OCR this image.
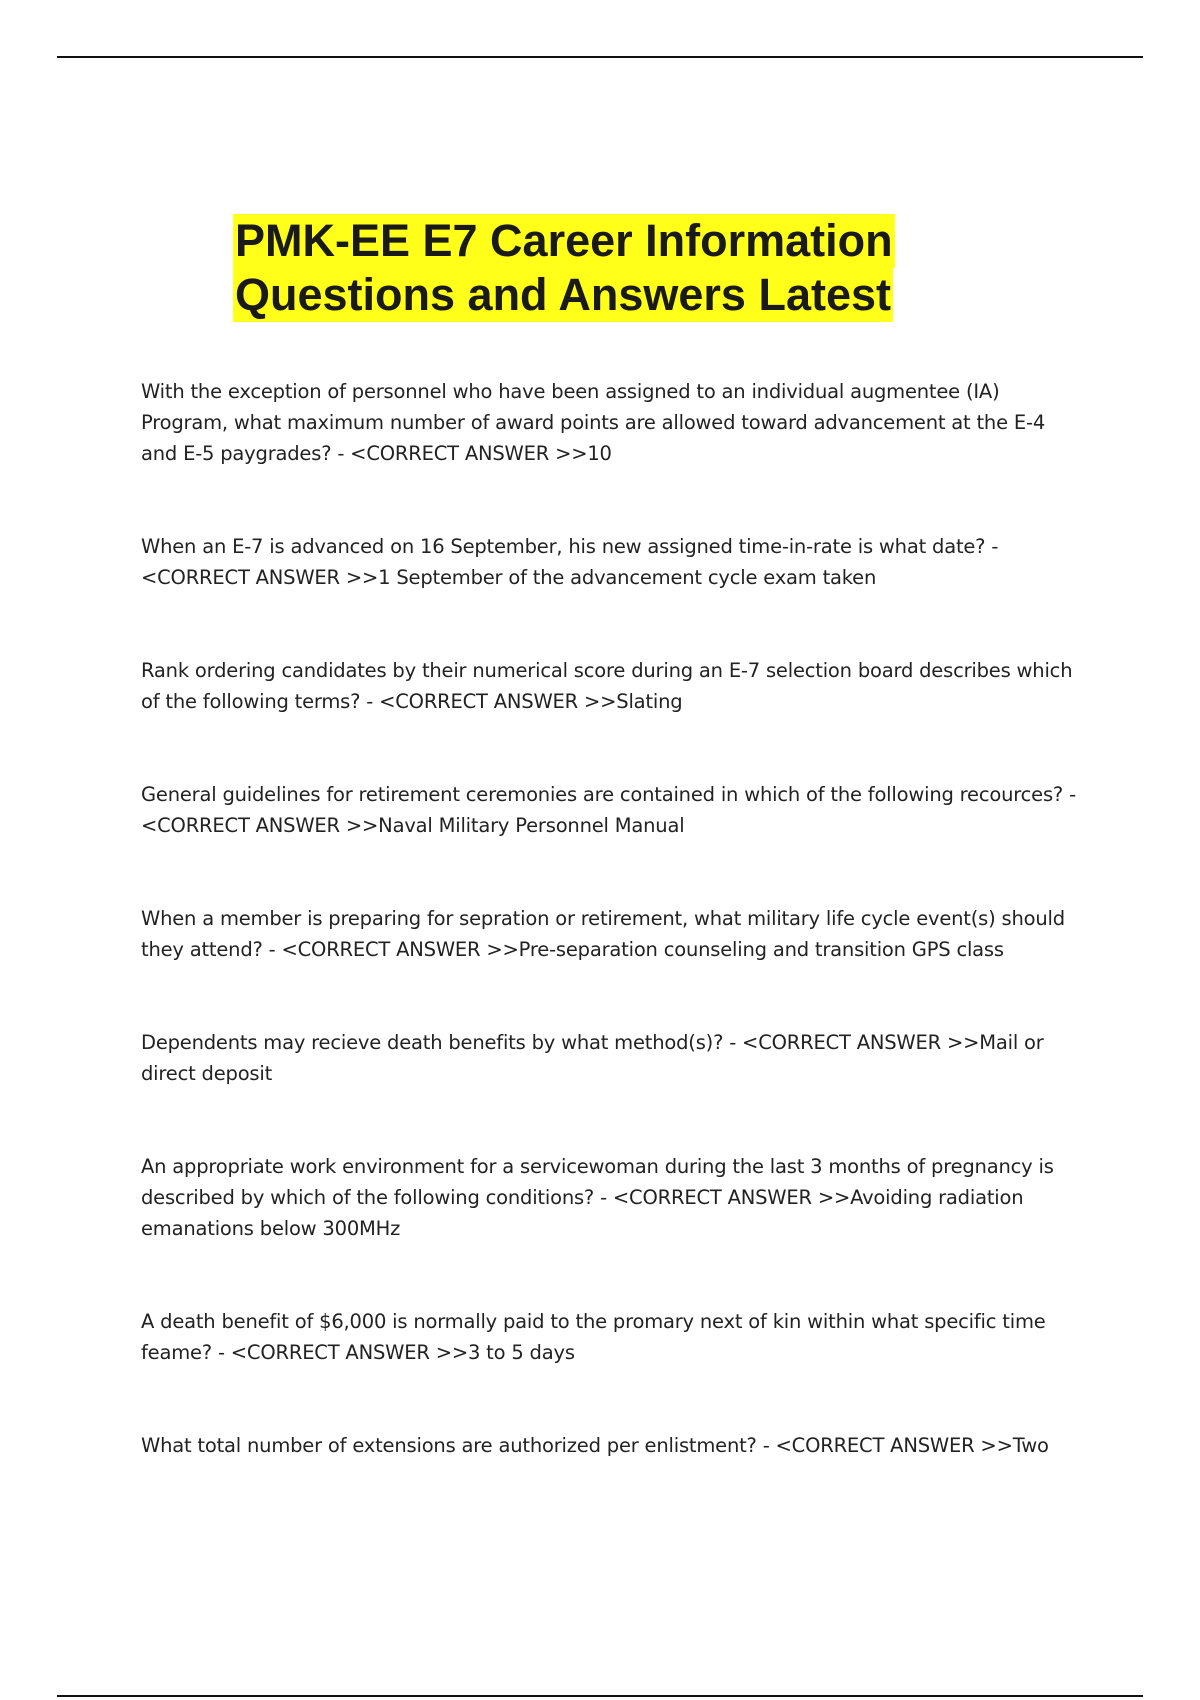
PMK-EE E7 Career Information
Questions and Answers Latest

With the exception of personnel who have been assigned to an individual augmentee (IA) Program, what maximum number of award points are allowed toward advancement at the E-4 and E-5 paygrades? - <CORRECT ANSWER >>10

When an E-7 is advanced on 16 September, his new assigned time-in-rate is what date? - <CORRECT ANSWER >>1 September of the advancement cycle exam taken

Rank ordering candidates by their numerical score during an E-7 selection board describes which of the following terms? - <CORRECT ANSWER >>Slating

General guidelines for retirement ceremonies are contained in which of the following recources? - <CORRECT ANSWER >>Naval Military Personnel Manual

When a member is preparing for sepration or retirement, what military life cycle event(s) should they attend? - <CORRECT ANSWER >>Pre-separation counseling and transition GPS class

Dependents may recieve death benefits by what method(s)? - <CORRECT ANSWER >>Mail or direct deposit

An appropriate work environment for a servicewoman during the last 3 months of pregnancy is described by which of the following conditions? - <CORRECT ANSWER >>Avoiding radiation emanations below 300MHz

A death benefit of $6,000 is normally paid to the promary next of kin within what specific time feame? - <CORRECT ANSWER >>3 to 5 days

What total number of extensions are authorized per enlistment? - <CORRECT ANSWER >>Two
